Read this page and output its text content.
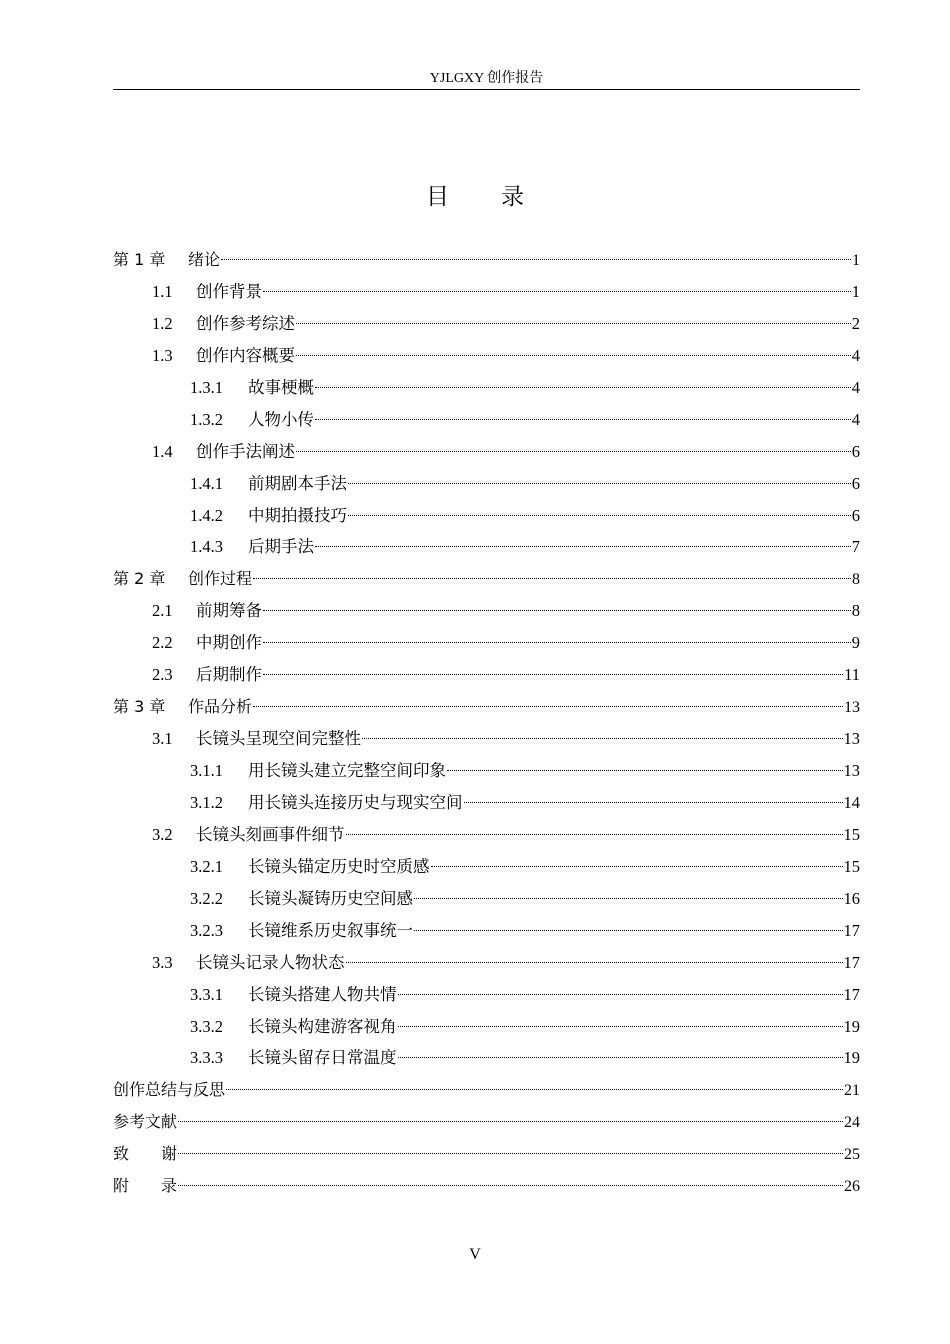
YJLGXY 创作报告
目 录
第 1 章	绪论	1
1.1	创作背景	1
1.2	创作参考综述	2
1.3	创作内容概要	4
1.3.1	故事梗概	4
1.3.2	人物小传	4
1.4	创作手法阐述	6
1.4.1	前期剧本手法	6
1.4.2	中期拍摄技巧	6
1.4.3	后期手法	7
第 2 章	创作过程	8
2.1	前期筹备	8
2.2	中期创作	9
2.3	后期制作	11
第 3 章	作品分析	13
3.1	长镜头呈现空间完整性	13
3.1.1	用长镜头建立完整空间印象	13
3.1.2	用长镜头连接历史与现实空间	14
3.2	长镜头刻画事件细节	15
3.2.1	长镜头锚定历史时空质感	15
3.2.2	长镜头凝铸历史空间感	16
3.2.3	长镜维系历史叙事统一	17
3.3	长镜头记录人物状态	17
3.3.1	长镜头搭建人物共情	17
3.3.2	长镜头构建游客视角	19
3.3.3	长镜头留存日常温度	19
创作总结与反思	21
参考文献	24
致　　谢	25
附　　录	26
V
